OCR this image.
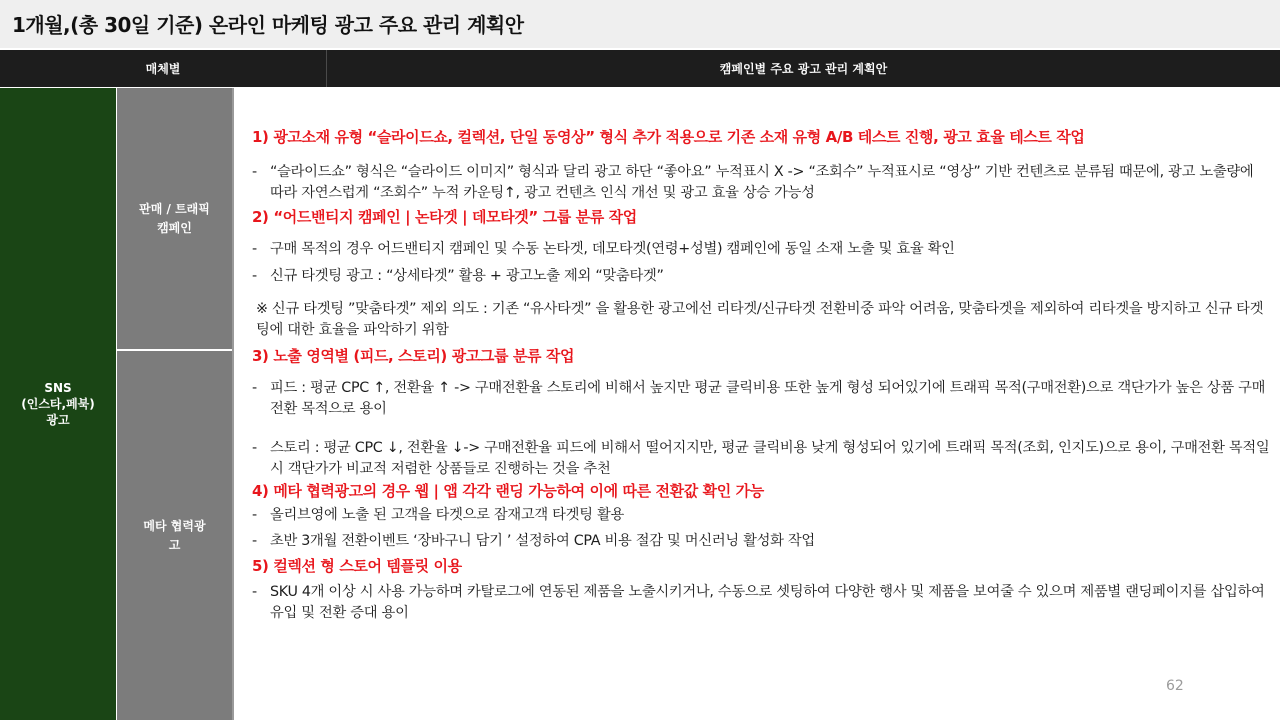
1개월,(총 30일 기준) 온라인 마케팅 광고 주요 관리 계획안
매체별	캠페인별 주요 광고 관리 계획안
SNS
(인스타,페북)
광고
판매 / 트래픽
캠페인
메타 협력광
고
1) 광고소재 유형 “슬라이드쇼, 컬렉션, 단일 동영상” 형식 추가 적용으로 기존 소재 유형 A/B 테스트 진행, 광고 효율 테스트 작업
- “슬라이드쇼” 형식은 “슬라이드 이미지” 형식과 달리 광고 하단 “좋아요” 누적표시 X -> “조회수” 누적표시로 “영상” 기반 컨텐츠로 분류됨 때문에, 광고 노출량에 따라 자연스럽게 “조회수” 누적 카운팅↑, 광고 컨텐츠 인식 개선 및 광고 효율 상승 가능성
2) “어드밴티지 캠페인 | 논타겟 | 데모타겟” 그룹 분류 작업
- 구매 목적의 경우 어드밴티지 캠페인 및 수동 논타겟, 데모타겟(연령+성별) 캠페인에 동일 소재 노출 및 효율 확인
- 신규 타겟팅 광고 : “상세타겟” 활용 + 광고노출 제외 “맞춤타겟”
※ 신규 타겟팅 ”맞춤타겟” 제외 의도 : 기존 “유사타겟” 을 활용한 광고에선 리타겟/신규타겟 전환비중 파악 어려움, 맞춤타겟을 제외하여 리타겟을 방지하고 신규 타겟팅에 대한 효율을 파악하기 위함
3) 노출 영역별 (피드, 스토리) 광고그룹 분류 작업
- 피드 : 평균 CPC ↑, 전환율 ↑ -> 구매전환율 스토리에 비해서 높지만 평균 클릭비용 또한 높게 형성 되어있기에 트래픽 목적(구매전환)으로 객단가가 높은 상품 구매전환 목적으로 용이
- 스토리 : 평균 CPC ↓, 전환율 ↓-> 구매전환율 피드에 비해서 떨어지지만, 평균 클릭비용 낮게 형성되어 있기에 트래픽 목적(조회, 인지도)으로 용이, 구매전환 목적일시 객단가가 비교적 저렴한 상품들로 진행하는 것을 추천
4) 메타 협력광고의 경우 웹 | 앱 각각 랜딩 가능하여 이에 따른 전환값 확인 가능
- 올리브영에 노출 된 고객을 타겟으로 잠재고객 타겟팅 활용
- 초반 3개월 전환이벤트 ‘장바구니 담기 ’ 설정하여 CPA 비용 절감 및 머신러닝 활성화 작업
5) 컬렉션 형 스토어 템플릿 이용
- SKU 4개 이상 시 사용 가능하며 카탈로그에 연동된 제품을 노출시키거나, 수동으로 셋팅하여 다양한 행사 및 제품을 보여줄 수 있으며 제품별 랜딩페이지를 삽입하여 유입 및 전환 증대 용이
62
